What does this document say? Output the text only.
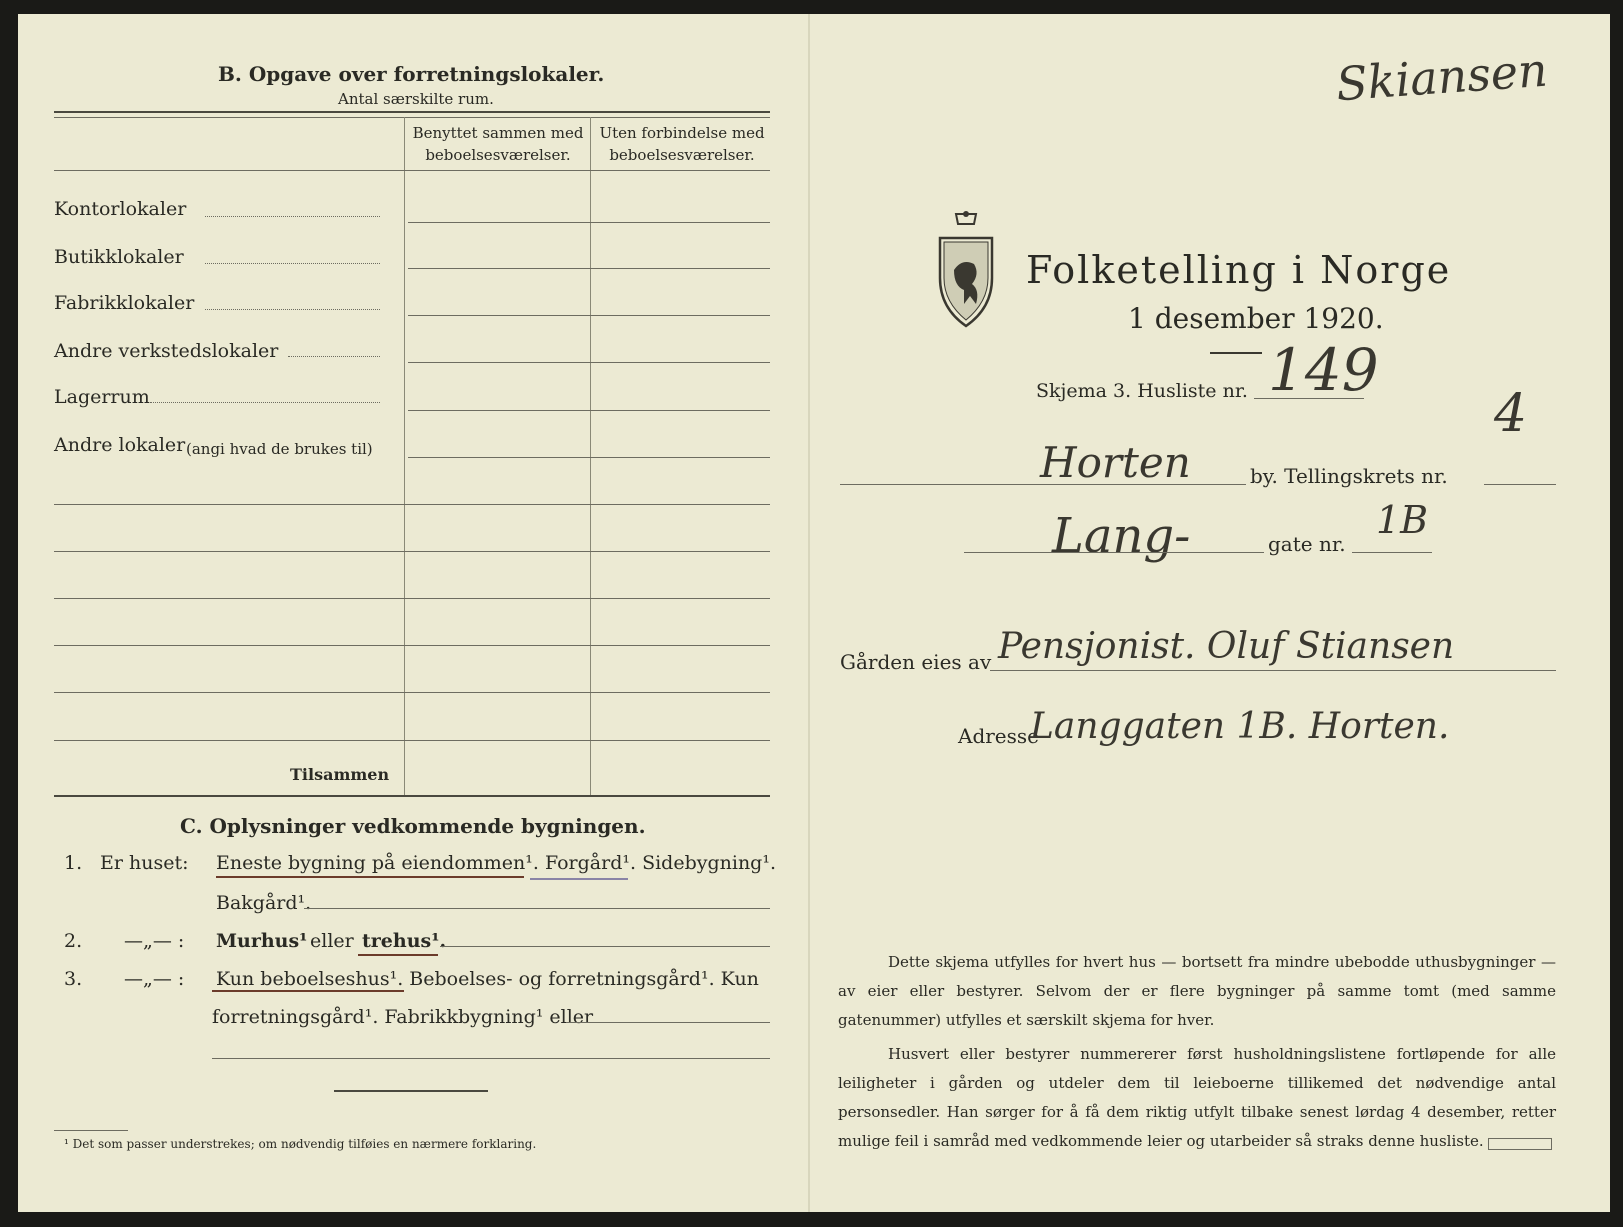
B. Opgave over forretningslokaler.
Antal særskilte rum.
Benyttet sammen med beboelsesværelser.
Uten forbindelse med beboelsesværelser.
Kontorlokaler
Butikklokaler
Fabrikklokaler
Andre verkstedslokaler
Lagerrum
Andre lokaler (angi hvad de brukes til)
Tilsammen
C. Oplysninger vedkommende bygningen.
1. Er huset: Eneste bygning på eiendommen¹. Forgård¹. Sidebygning¹.
Bakgård¹.
2. —„— : Murhus¹ eller trehus¹.
3. —„— : Kun beboelseshus¹. Beboelses- og forretningsgård¹. Kun
forretningsgård¹. Fabrikkbygning¹ eller
¹ Det som passer understrekes; om nødvendig tilføies en nærmere forklaring.
Skiansen
Folketelling i Norge
1 desember 1920.
Skjema 3. Husliste nr. 149
Horten	by. Tellingskrets nr.
4
Lang-	gate nr.
1B
Gården eies av Pensjonist. Oluf Stiansen
Adresse
Langgaten 1B. Horten.
Dette skjema utfylles for hvert hus — bortsett fra mindre ubebodde uthusbygninger — av eier eller bestyrer. Selvom der er flere bygninger på samme tomt (med samme gatenummer) utfylles et særskilt skjema for hver.
Husvert eller bestyrer nummererer først husholdningslistene fortløpende for alle leiligheter i gården og utdeler dem til leieboerne tillikemed det nødvendige antal personsedler. Han sørger for å få dem riktig utfylt tilbake senest lørdag 4 desember, retter mulige feil i samråd med vedkommende leier og utarbeider så straks denne husliste.
